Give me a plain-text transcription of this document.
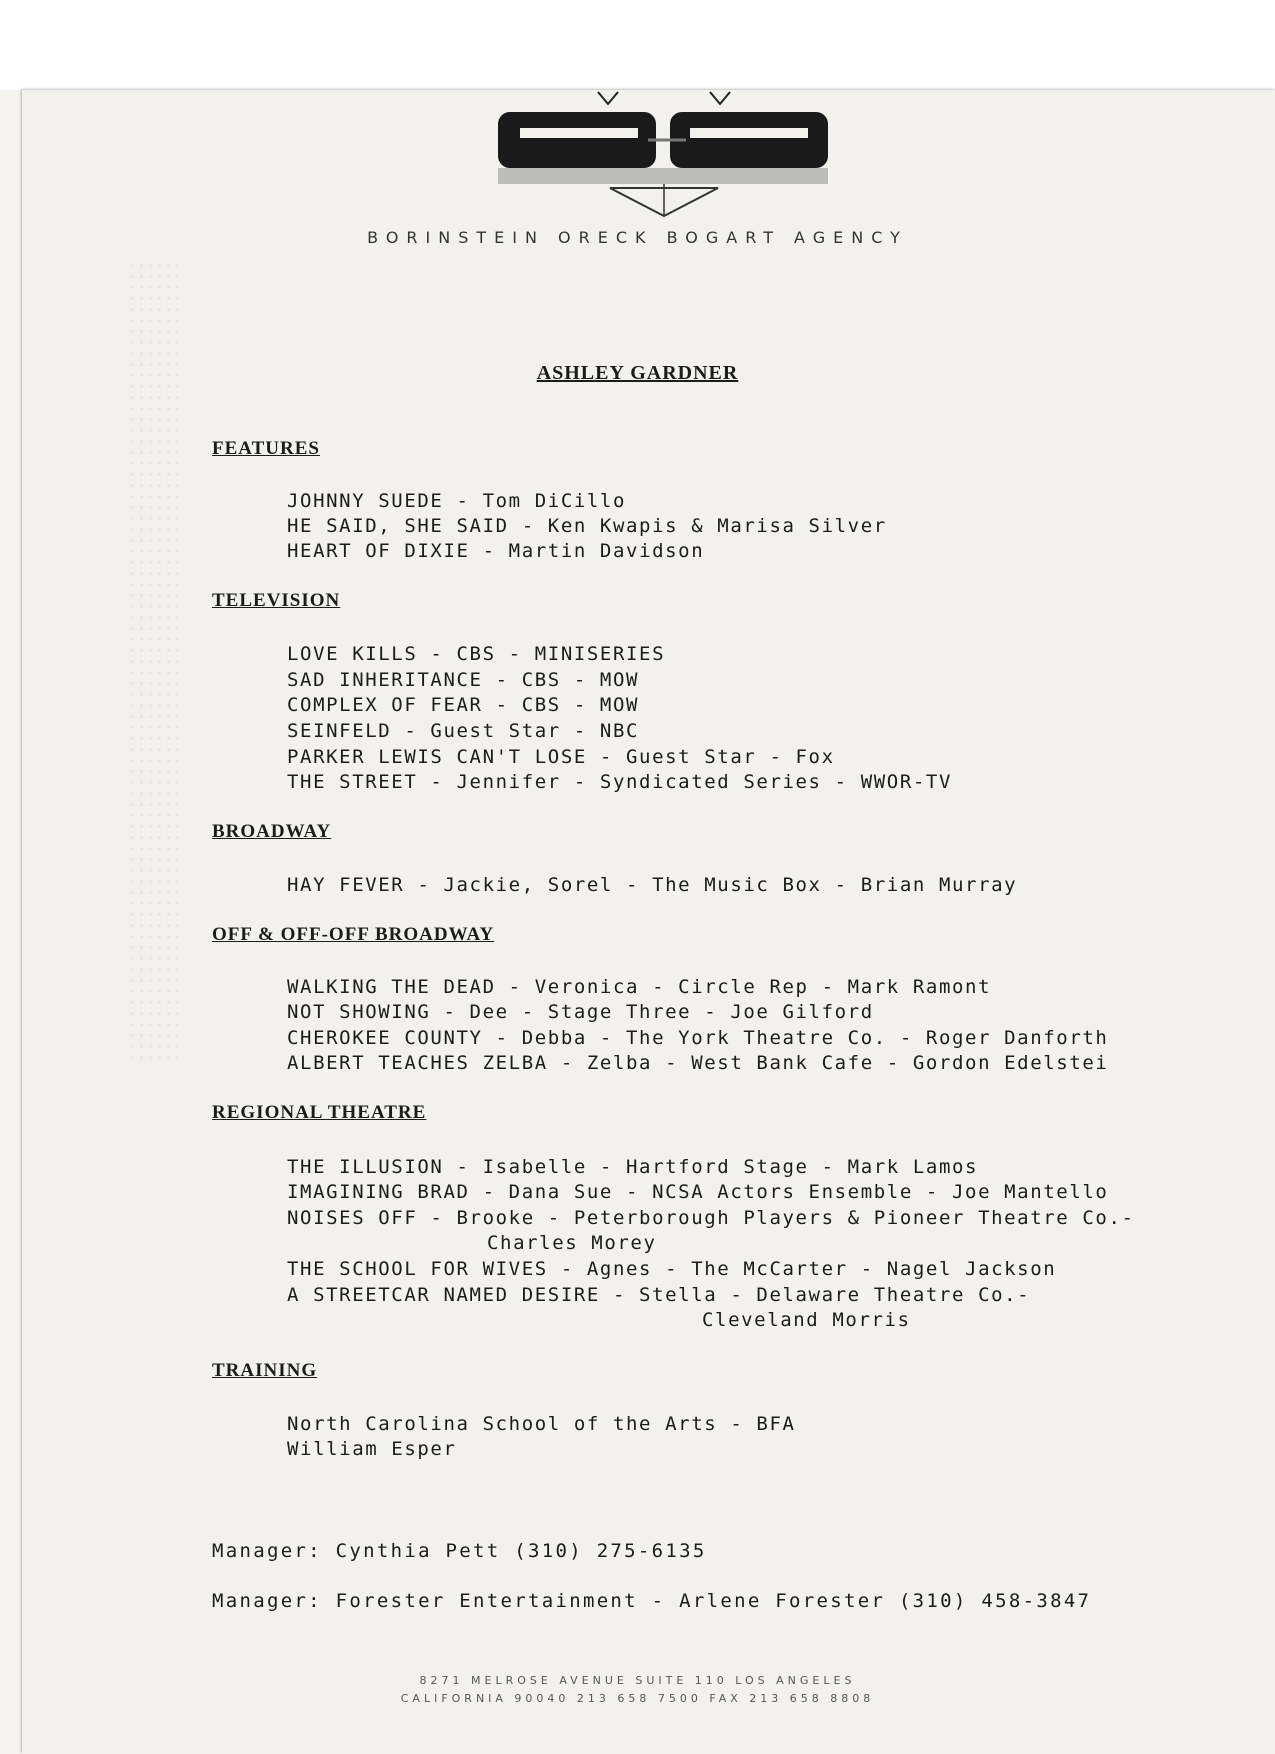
BORINSTEIN ORECK BOGART AGENCY
ASHLEY GARDNER
FEATURES
JOHNNY SUEDE - Tom DiCillo
HE SAID, SHE SAID - Ken Kwapis & Marisa Silver
HEART OF DIXIE - Martin Davidson
TELEVISION
LOVE KILLS - CBS - MINISERIES
SAD INHERITANCE - CBS - MOW
COMPLEX OF FEAR - CBS - MOW
SEINFELD - Guest Star - NBC
PARKER LEWIS CAN'T LOSE - Guest Star - Fox
THE STREET - Jennifer - Syndicated Series - WWOR-TV
BROADWAY
HAY FEVER - Jackie, Sorel - The Music Box - Brian Murray
OFF & OFF-OFF BROADWAY
WALKING THE DEAD - Veronica - Circle Rep - Mark Ramont
NOT SHOWING - Dee - Stage Three - Joe Gilford
CHEROKEE COUNTY - Debba - The York Theatre Co. - Roger Danforth
ALBERT TEACHES ZELBA - Zelba - West Bank Cafe - Gordon Edelstei
REGIONAL THEATRE
THE ILLUSION - Isabelle - Hartford Stage - Mark Lamos
IMAGINING BRAD - Dana Sue - NCSA Actors Ensemble - Joe Mantello
NOISES OFF - Brooke - Peterborough Players & Pioneer Theatre Co.-
Charles Morey
THE SCHOOL FOR WIVES - Agnes - The McCarter - Nagel Jackson
A STREETCAR NAMED DESIRE - Stella - Delaware Theatre Co.-
Cleveland Morris
TRAINING
North Carolina School of the Arts - BFA
William Esper
Manager: Cynthia Pett (310) 275-6135
Manager: Forester Entertainment - Arlene Forester (310) 458-3847
8271 MELROSE AVENUE SUITE 110 LOS ANGELES
CALIFORNIA 90040 213 658 7500 FAX 213 658 8808
